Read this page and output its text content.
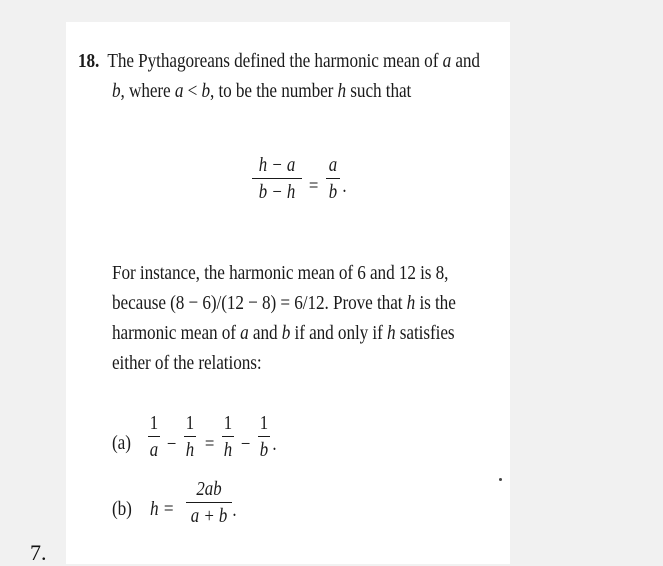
18. The Pythagoreans defined the harmonic mean of a and
b, where a < b, to be the number h such that
h − a
b − h =
a
b .
For instance, the harmonic mean of 6 and 12 is 8,
because (8 − 6)/(12 − 8) = 6/12. Prove that h is the
harmonic mean of a and b if and only if h satisfies
either of the relations:
(a)
1
a −
1
h =
1
h −
1
b .
(b) h =
2ab
a + b .
7.
